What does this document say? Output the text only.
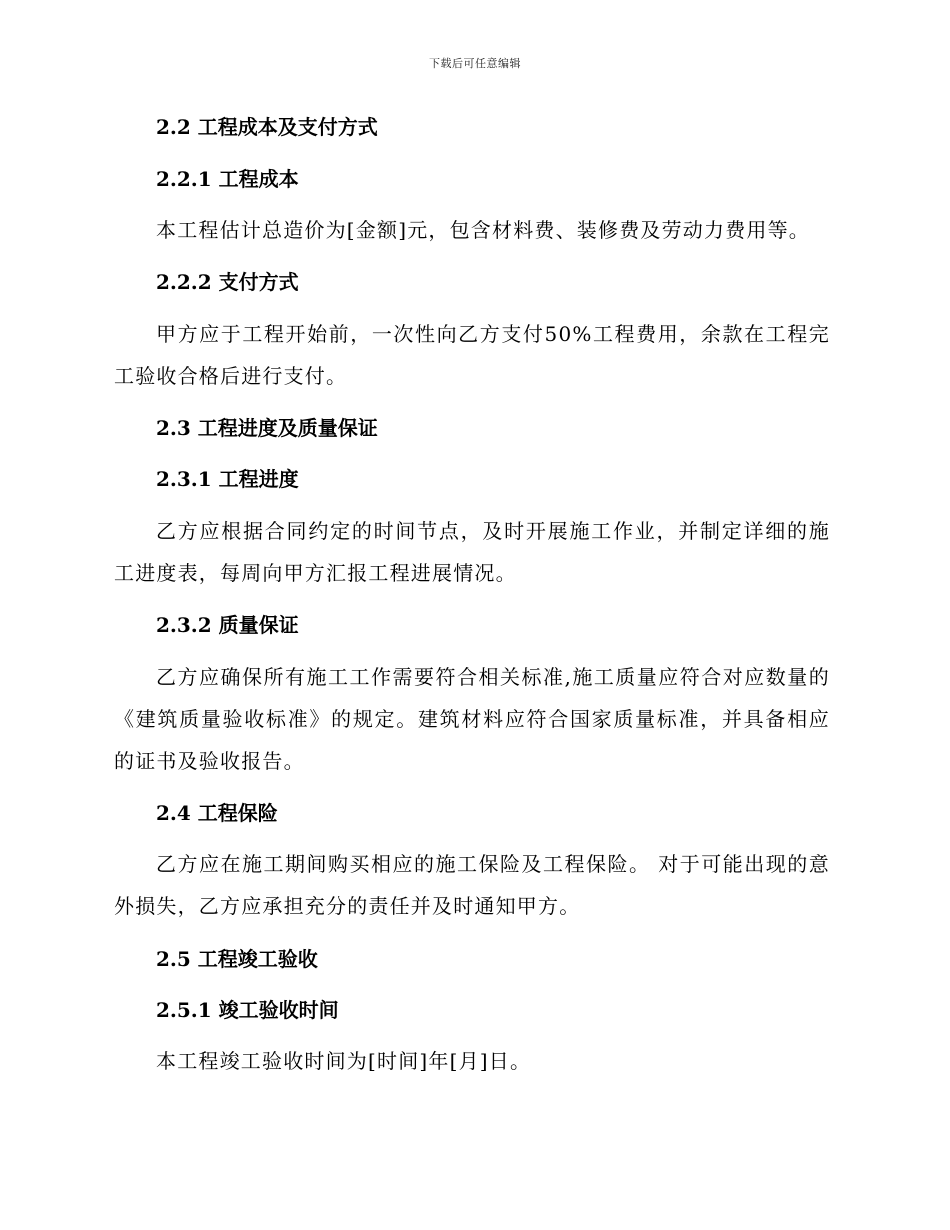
下载后可任意编辑
2.2 工程成本及支付方式
2.2.1 工程成本
本工程估计总造价为[金额]元，包含材料费、装修费及劳动力费用等。
2.2.2 支付方式
甲方应于工程开始前，一次性向乙方支付50%工程费用，余款在工程完工验收合格后进行支付。
2.3 工程进度及质量保证
2.3.1 工程进度
乙方应根据合同约定的时间节点，及时开展施工作业，并制定详细的施工进度表，每周向甲方汇报工程进展情况。
2.3.2 质量保证
乙方应确保所有施工工作需要符合相关标准,施工质量应符合对应数量的《建筑质量验收标准》的规定。建筑材料应符合国家质量标准，并具备相应的证书及验收报告。
2.4 工程保险
乙方应在施工期间购买相应的施工保险及工程保险。 对于可能出现的意外损失，乙方应承担充分的责任并及时通知甲方。
2.5 工程竣工验收
2.5.1 竣工验收时间
本工程竣工验收时间为[时间]年[月]日。
